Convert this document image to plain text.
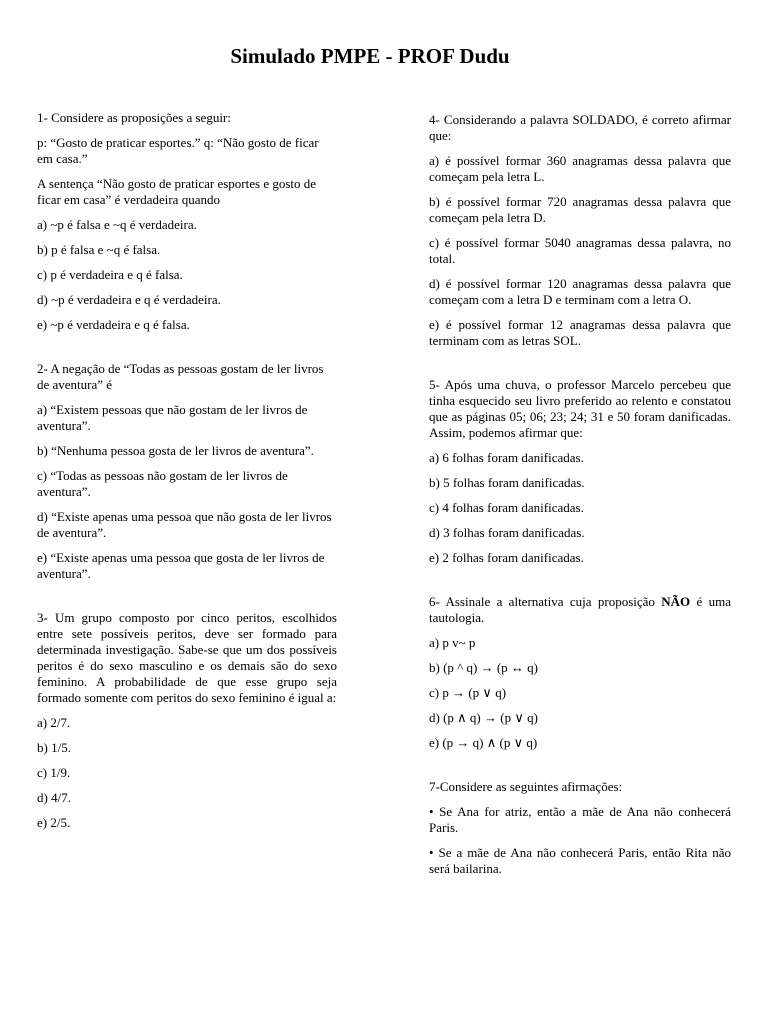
Simulado PMPE - PROF Dudu

1- Considere as proposições a seguir:

p: “Gosto de praticar esportes.” q: “Não gosto de ficar em casa.”

A sentença “Não gosto de praticar esportes e gosto de ficar em casa” é verdadeira quando

a) ~p é falsa e ~q é verdadeira.

b) p é falsa e ~q é falsa.

c) p é verdadeira e q é falsa.

d) ~p é verdadeira e q é verdadeira.

e) ~p é verdadeira e q é falsa.

2- A negação de “Todas as pessoas gostam de ler livros de aventura” é

a) “Existem pessoas que não gostam de ler livros de aventura”.

b) “Nenhuma pessoa gosta de ler livros de aventura”.

c) “Todas as pessoas não gostam de ler livros de aventura”.

d) “Existe apenas uma pessoa que não gosta de ler livros de aventura”.

e) “Existe apenas uma pessoa que gosta de ler livros de aventura”.

3- Um grupo composto por cinco peritos, escolhidos entre sete possíveis peritos, deve ser formado para determinada investigação. Sabe-se que um dos possíveis peritos é do sexo masculino e os demais são do sexo feminino. A probabilidade de que esse grupo seja formado somente com peritos do sexo feminino é igual a:

a) 2/7.

b) 1/5.

c) 1/9.

d) 4/7.

e) 2/5.

4- Considerando a palavra SOLDADO, é correto afirmar que:

a) é possível formar 360 anagramas dessa palavra que começam pela letra L.

b) é possível formar 720 anagramas dessa palavra que começam pela letra D.

c) é possível formar 5040 anagramas dessa palavra, no total.

d) é possível formar 120 anagramas dessa palavra que começam com a letra D e terminam com a letra O.

e) é possível formar 12 anagramas dessa palavra que terminam com as letras SOL.

5- Após uma chuva, o professor Marcelo percebeu que tinha esquecido seu livro preferido ao relento e constatou que as páginas 05; 06; 23; 24; 31 e 50 foram danificadas. Assim, podemos afirmar que:

a) 6 folhas foram danificadas.

b) 5 folhas foram danificadas.

c) 4 folhas foram danificadas.

d) 3 folhas foram danificadas.

e) 2 folhas foram danificadas.

6- Assinale a alternativa cuja proposição NÃO é uma tautologia.

a) p v~ p

b) (p ^ q) → (p ↔ q)

c) p → (p ∨ q)

d) (p ∧ q) → (p ∨ q)

e) (p → q) ∧ (p ∨ q)

7-Considere as seguintes afirmações:

• Se Ana for atriz, então a mãe de Ana não conhecerá Paris.

• Se a mãe de Ana não conhecerá Paris, então Rita não será bailarina.
